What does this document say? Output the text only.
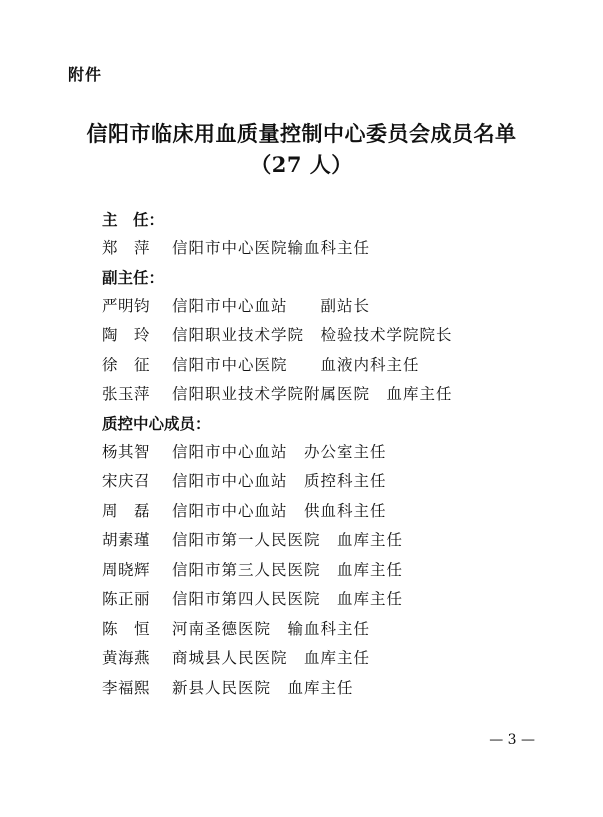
附件
信阳市临床用血质量控制中心委员会成员名单
（27 人）
主　任：
郑　萍 信阳市中心医院输血科主任
副主任：
严明钧 信阳市中心血站　　副站长
陶　玲 信阳职业技术学院　检验技术学院院长
徐　征 信阳市中心医院　　血液内科主任
张玉萍 信阳职业技术学院附属医院　血库主任
质控中心成员：
杨其智 信阳市中心血站　办公室主任
宋庆召 信阳市中心血站　质控科主任
周　磊 信阳市中心血站　供血科主任
胡素瑾 信阳市第一人民医院　血库主任
周晓辉 信阳市第三人民医院　血库主任
陈正丽 信阳市第四人民医院　血库主任
陈　恒 河南圣德医院　输血科主任
黄海燕 商城县人民医院　血库主任
李福熙 新县人民医院　血库主任
— 3 —
